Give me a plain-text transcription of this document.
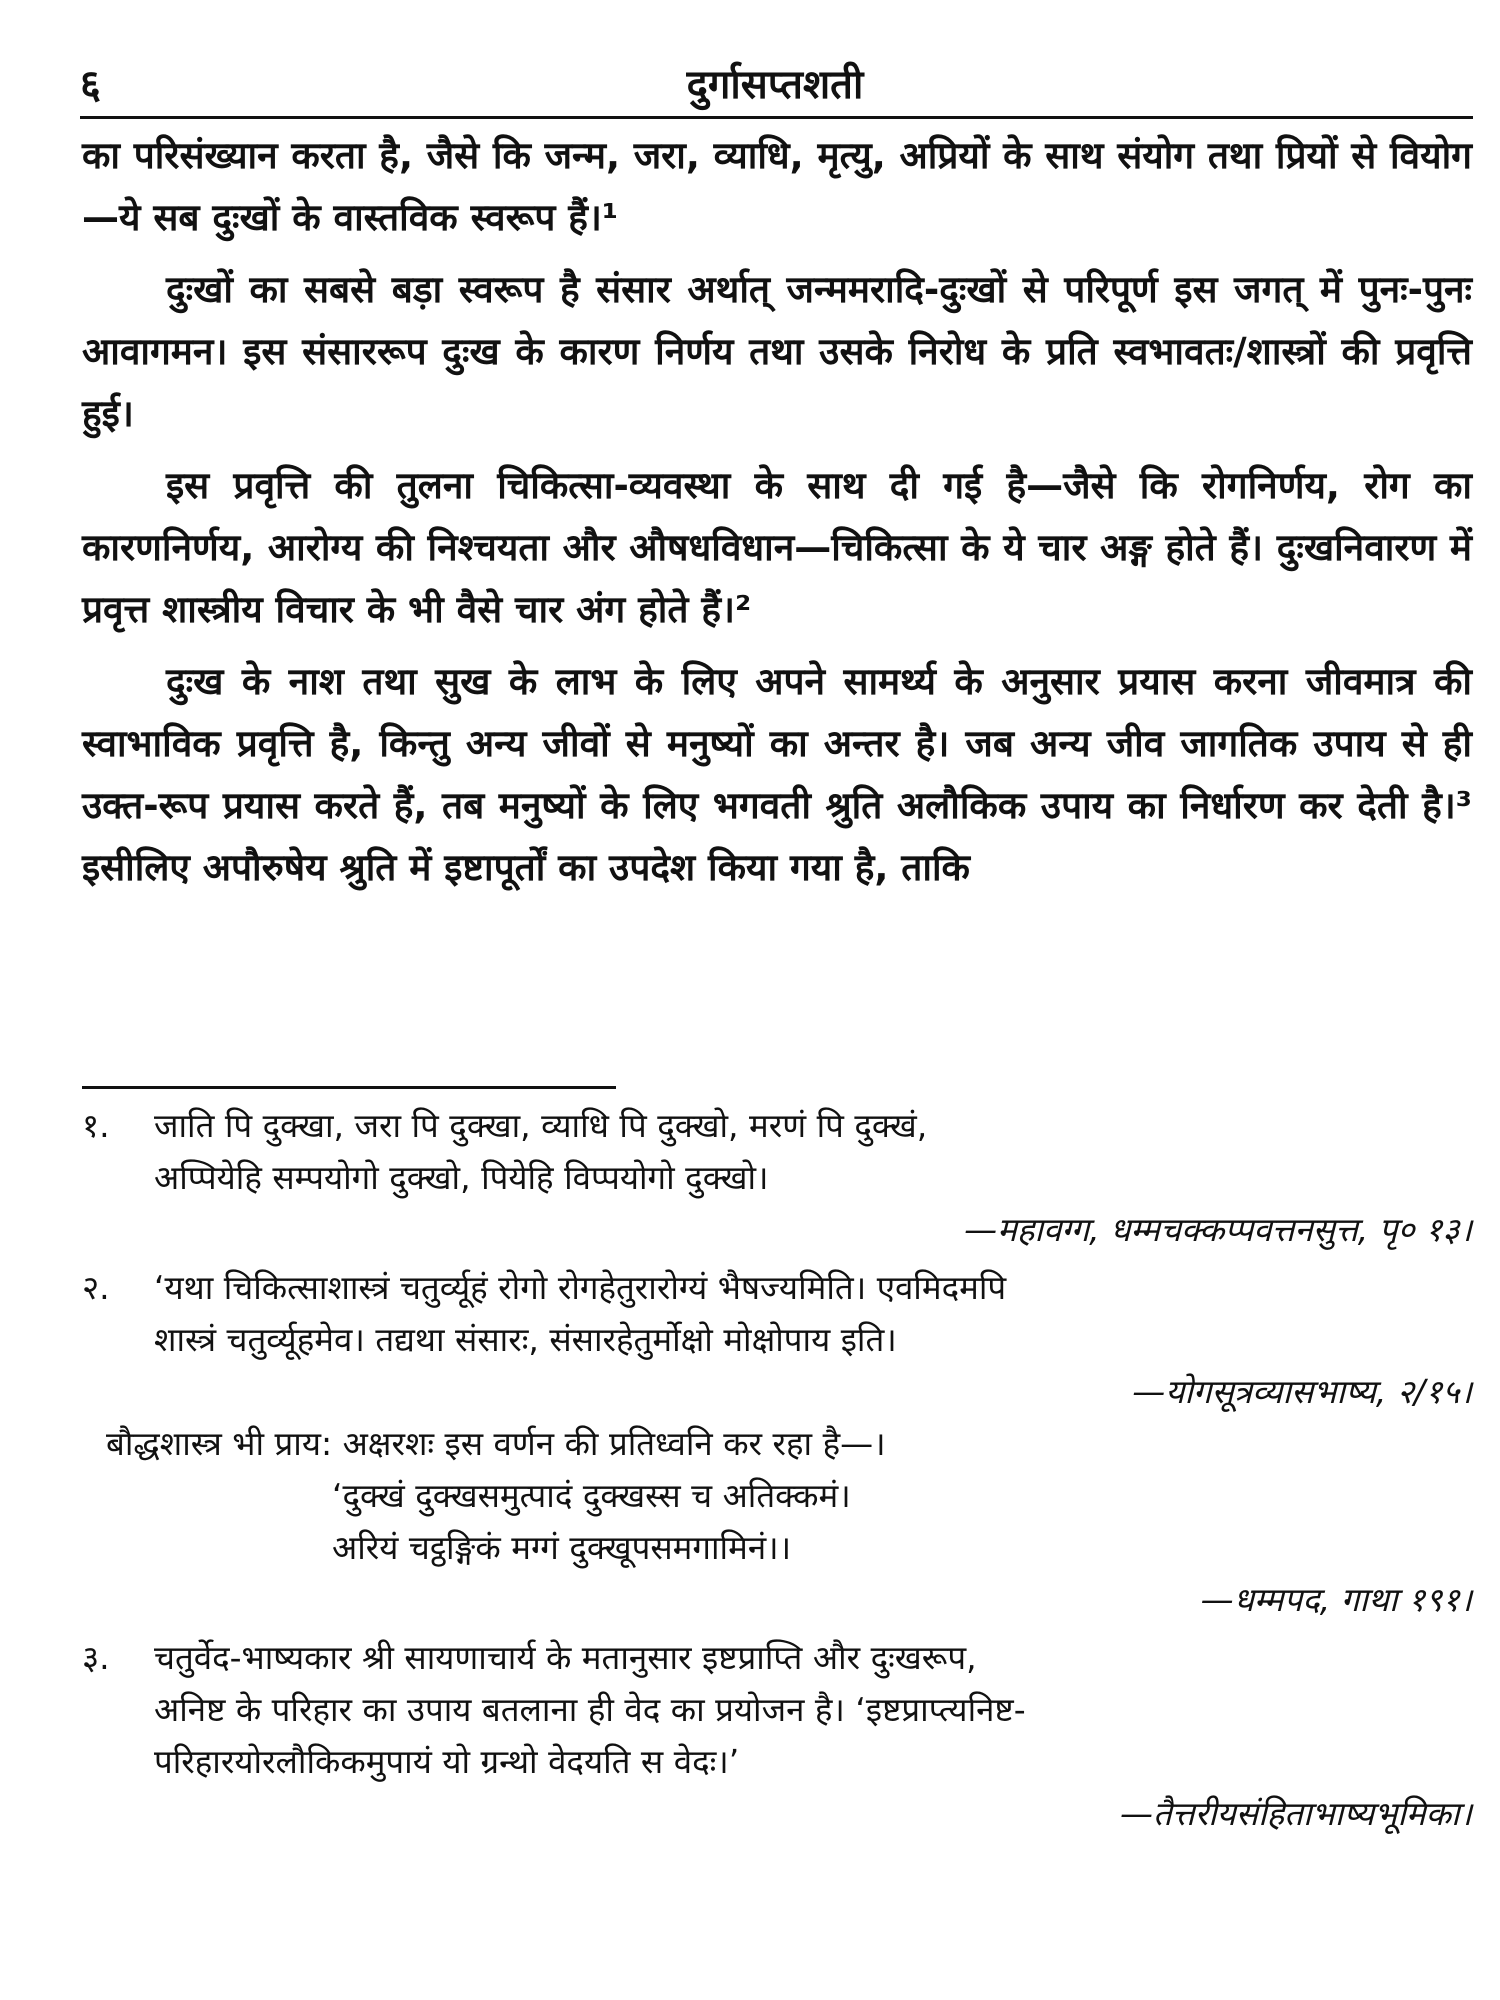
६	दुर्गासप्तशती

का परिसंख्यान करता है, जैसे कि जन्म, जरा, व्याधि, मृत्यु, अप्रियों के साथ संयोग तथा प्रियों से वियोग—ये सब दुःखों के वास्तविक स्वरूप हैं।¹

दुःखों का सबसे बड़ा स्वरूप है संसार अर्थात् जन्ममरादि-दुःखों से परिपूर्ण इस जगत् में पुनः-पुनः आवागमन। इस संसाररूप दुःख के कारण निर्णय तथा उसके निरोध के प्रति स्वभावतः/शास्त्रों की प्रवृत्ति हुई।

इस प्रवृत्ति की तुलना चिकित्सा-व्यवस्था के साथ दी गई है—जैसे कि रोगनिर्णय, रोग का कारणनिर्णय, आरोग्य की निश्चयता और औषधविधान—चिकित्सा के ये चार अङ्ग होते हैं। दुःखनिवारण में प्रवृत्त शास्त्रीय विचार के भी वैसे चार अंग होते हैं।²

दुःख के नाश तथा सुख के लाभ के लिए अपने सामर्थ्य के अनुसार प्रयास करना जीवमात्र की स्वाभाविक प्रवृत्ति है, किन्तु अन्य जीवों से मनुष्यों का अन्तर है। जब अन्य जीव जागतिक उपाय से ही उक्त-रूप प्रयास करते हैं, तब मनुष्यों के लिए भगवती श्रुति अलौकिक उपाय का निर्धारण कर देती है।³ इसीलिए अपौरुषेय श्रुति में इष्टापूर्तों का उपदेश किया गया है, ताकि

१. जाति पि दुक्खा, जरा पि दुक्खा, व्याधि पि दुक्खो, मरणं पि दुक्खं,
अप्पियेहि सम्पयोगो दुक्खो, पियेहि विप्पयोगो दुक्खो।
—महावग्ग, धम्मचक्कप्पवत्तनसुत्त, पृ० १३।
२. ‘यथा चिकित्साशास्त्रं चतुर्व्यूहं रोगो रोगहेतुरारोग्यं भैषज्यमिति। एवमिदमपि
शास्त्रं चतुर्व्यूहमेव। तद्यथा संसारः, संसारहेतुर्मोक्षो मोक्षोपाय इति।
—योगसूत्रव्यासभाष्य, २/१५।
बौद्धशास्त्र भी प्राय: अक्षरशः इस वर्णन की प्रतिध्वनि कर रहा है—।
‘दुक्खं दुक्खसमुत्पादं दुक्खस्स च अतिक्कमं।
अरियं चट्ठङ्गिकं मग्गं दुक्खूपसमगामिनं।।
—धम्मपद, गाथा १९१।
३. चतुर्वेद-भाष्यकार श्री सायणाचार्य के मतानुसार इष्टप्राप्ति और दुःखरूप,
अनिष्ट के परिहार का उपाय बतलाना ही वेद का प्रयोजन है। ‘इष्टप्राप्त्यनिष्ट-
परिहारयोरलौकिकमुपायं यो ग्रन्थो वेदयति स वेदः।’
—तैत्तरीयसंहिताभाष्यभूमिका।
